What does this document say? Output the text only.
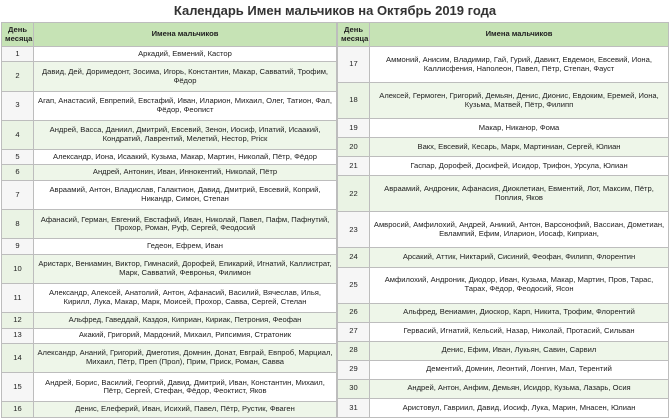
Календарь Имен мальчиков на Октябрь 2019 года
День месяца	Имена мальчиков
1	Аркадий, Евмений, Кастор
2	Давид, Дей, Доримедонт, Зосима, Игорь, Константин, Макар, Савватий, Трофим, Фёдор
3	Агап, Анастасий, Евпрепий, Евстафий, Иван, Иларион, Михаил, Олег, Татион, Фал, Фёдор, Феопист
4	Андрей, Васса, Даниил, Дмитрий, Евсевий, Зенон, Иосиф, Ипатий, Исаакий, Кондратий, Лаврентий, Мелетий, Нестор, Priск
5	Александр, Иона, Исаакий, Кузьма, Макар, Мартин, Николай, Пётр, Фёдор
6	Андрей, Антонин, Иван, Иннокентий, Николай, Пётр
7	Авраамий, Антон, Владислав, Галактион, Давид, Дмитрий, Евсевий, Коприй, Никандр, Симон, Степан
8	Афанасий, Герман, Евгений, Евстафий, Иван, Николай, Павел, Пафм, Пафнутий, Прохор, Роман, Руф, Сергей, Феодосий
9	Гедеон, Ефрем, Иван
10	Аристарх, Вениамин, Виктор, Гимнасий, Дорофей, Епикарий, Игнатий, Каллистрат, Марк, Савватий, Февронья, Филимон
11	Александр, Алексей, Анатолий, Антон, Афанасий, Василий, Вячеслав, Илья, Кирилл, Лука, Макар, Марк, Моисей, Прохор, Савва, Сергей, Стелан
12	Альфред, Гаведдай, Каздоя, Киприан, Кириак, Петрония, Феофан
13	Акакий, Григорий, Мардоний, Михаил, Рипсимия, Стратоник
14	Александр, Ананий, Григорий, Дмеготия, Домнин, Донат, Евграй, Евпроб, Марциал, Михаил, Пётр, Преп (Прол), Прим, Приск, Роман, Савва
15	Андрей, Борис, Василий, Георгий, Давид, Дмитрий, Иван, Константин, Михаил, Пётр, Сергей, Стефан, Фёдор, Феоктист, Яков
16	Денис, Елеферий, Иван, Исихий, Павел, Пётр, Рустик, Фваген
День месяца	Имена мальчиков
17	Аммоний, Анисим, Владимир, Гай, Гурий, Давикт, Евдемон, Евсевий, Иона, Каллисфения, Наполеон, Павел, Пётр, Степан, Фауст
18	Алексей, Гермоген, Григорий, Демьян, Денис, Дионис, Евдоким, Еремей, Иона, Кузьма, Матвей, Пётр, Филипп
19	Макар, Никанор, Фома
20	Вакх, Евсевий, Кесарь, Марк, Мартиниан, Сергей, Юлиан
21	Гаспар, Дорофей, Досифей, Исидор, Трифон, Урсула, Юлиан
22	Авраамий, Андроник, Афанасия, Диоклетиан, Евментий, Лот, Максим, Пётр, Поплия, Яков
23	Амвросий, Амфилохий, Андрей, Аникий, Антон, Варсонофий, Вассиан, Дометиан, Евлампий, Ефим, Иларион, Иосаф, Киприан,
24	Арсакий, Аттик, Никтарий, Сисиний, Феофан, Филипп, Флорентин
25	Амфилохий, Андроник, Диодор, Иван, Кузьма, Макар, Мартин, Пров, Тарас, Тарах, Фёдор, Феодосий, Ясон
26	Альфред, Вениамин, Диоскор, Карп, Никита, Трофим, Флорентий
27	Гервасий, Игнатий, Кельсий, Назар, Николай, Протасий, Сильван
28	Денис, Ефим, Иван, Лукьян, Савин, Сарвил
29	Дементий, Домнин, Леонтий, Лонгин, Мал, Терентий
30	Андрей, Антон, Анфим, Демьян, Исидор, Кузьма, Лазарь, Осия
31	Аристовул, Гавриил, Давид, Иосиф, Лука, Марин, Мнасен, Юлиан
